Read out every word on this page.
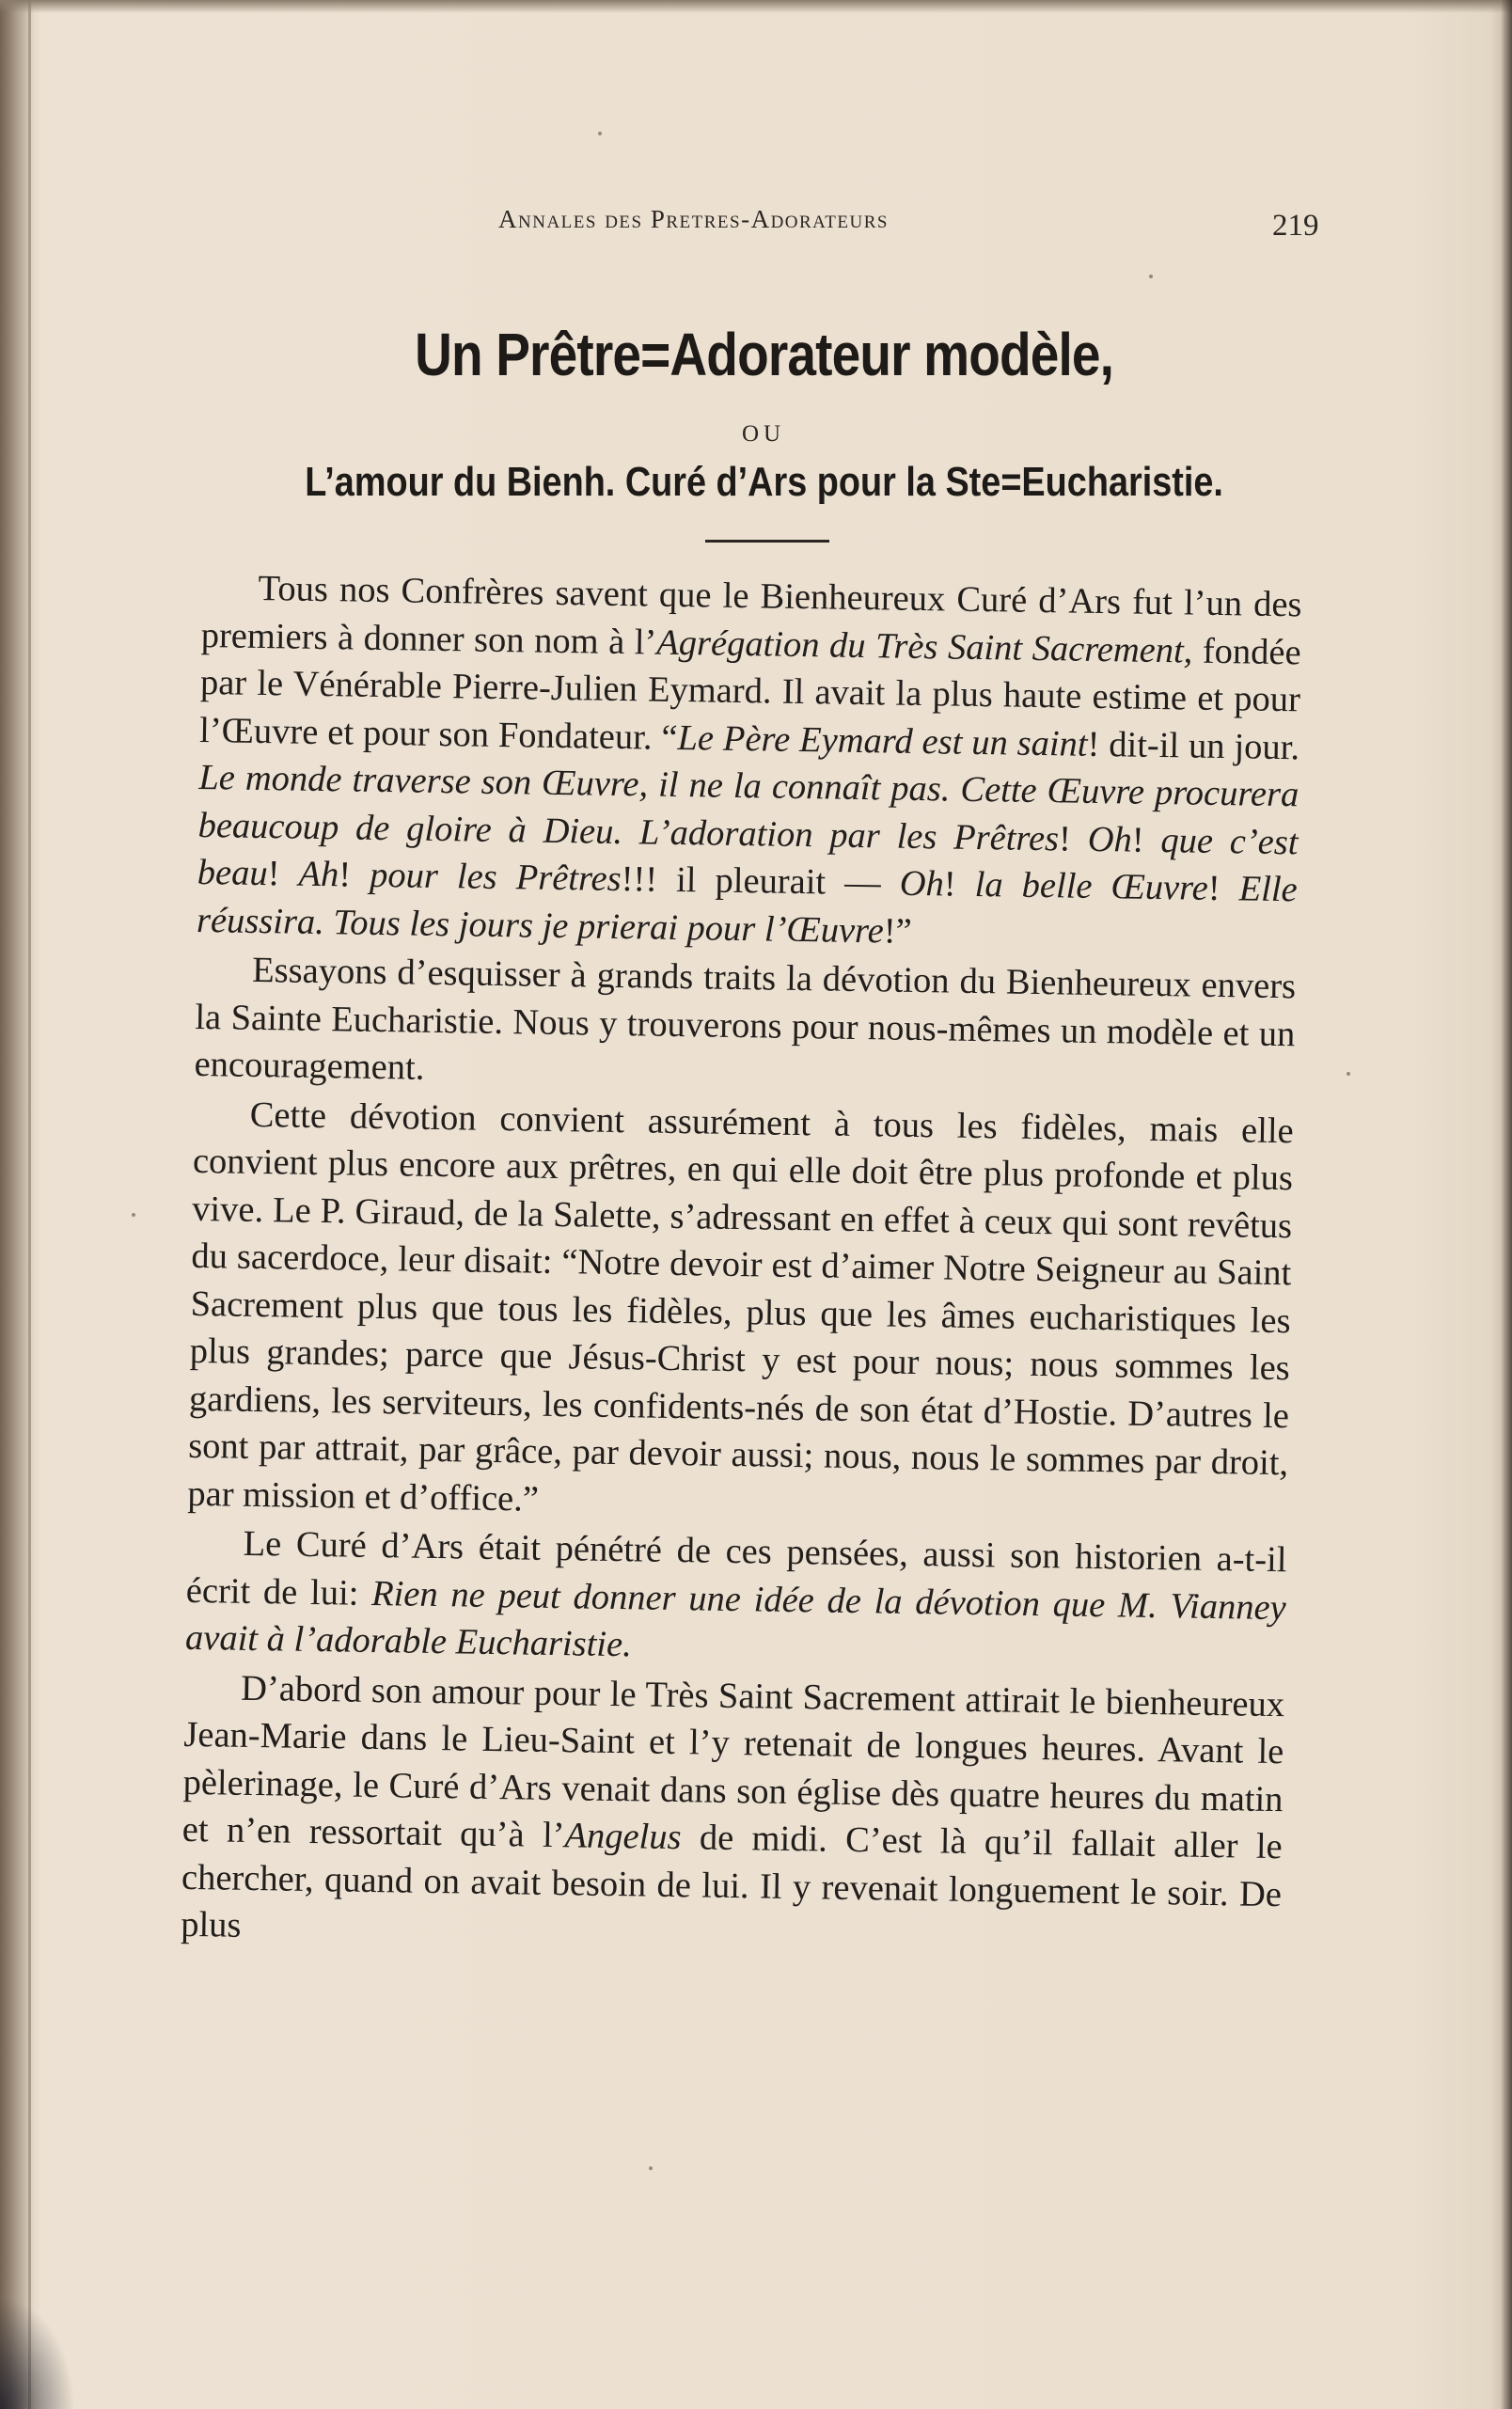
Annales des Pretres-Adorateurs	219
Un Prêtre=Adorateur modèle,
OU
L’amour du Bienh. Curé d’Ars pour la Ste=Eucharistie.

Tous nos Confrères savent que le Bienheureux Curé d’Ars fut l’un des premiers à donner son nom à l’Agrégation du Très Saint Sacrement, fondée par le Vénérable Pierre-Julien Eymard. Il avait la plus haute estime et pour l’Œuvre et pour son Fondateur. “Le Père Eymard est un saint! dit-il un jour. Le monde traverse son Œuvre, il ne la connaît pas. Cette Œuvre procurera beaucoup de gloire à Dieu. L’adoration par les Prêtres! Oh! que c’est beau! Ah! pour les Prêtres!!! il pleurait — Oh! la belle Œuvre! Elle réussira. Tous les jours je prierai pour l’Œuvre!”

Essayons d’esquisser à grands traits la dévotion du Bienheureux envers la Sainte Eucharistie. Nous y trouverons pour nous-mêmes un modèle et un encouragement.

Cette dévotion convient assurément à tous les fidèles, mais elle convient plus encore aux prêtres, en qui elle doit être plus profonde et plus vive. Le P. Giraud, de la Salette, s’adressant en effet à ceux qui sont revêtus du sacerdoce, leur disait: “Notre devoir est d’aimer Notre Seigneur au Saint Sacrement plus que tous les fidèles, plus que les âmes eucharistiques les plus grandes; parce que Jésus-Christ y est pour nous; nous sommes les gardiens, les serviteurs, les confidents-nés de son état d’Hostie. D’autres le sont par attrait, par grâce, par devoir aussi; nous, nous le sommes par droit, par mission et d’office.”

Le Curé d’Ars était pénétré de ces pensées, aussi son historien a-t-il écrit de lui: Rien ne peut donner une idée de la dévotion que M. Vianney avait à l’adorable Eucharistie.

D’abord son amour pour le Très Saint Sacrement attirait le bienheureux Jean-Marie dans le Lieu-Saint et l’y retenait de longues heures. Avant le pèlerinage, le Curé d’Ars venait dans son église dès quatre heures du matin et n’en ressortait qu’à l’Angelus de midi. C’est là qu’il fallait aller le chercher, quand on avait besoin de lui. Il y revenait longuement le soir. De plus
